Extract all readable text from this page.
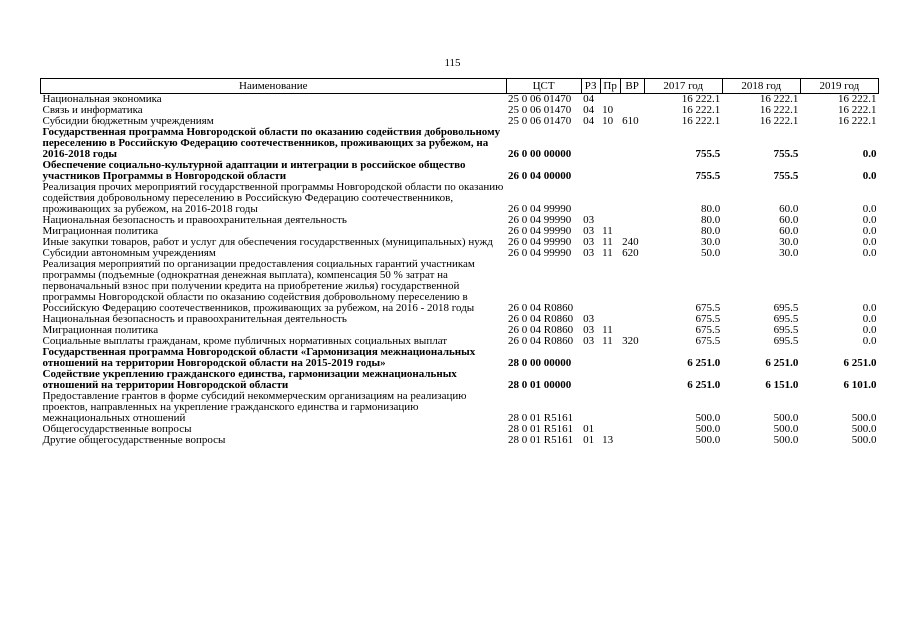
115
Наименование	ЦСТ	РЗ	Пр	ВР	2017 год	2018 год	2019 год
Национальная экономика	25 0 06 01470	04			16 222.1	16 222.1	16 222.1
Связь и информатика	25 0 06 01470	04	10		16 222.1	16 222.1	16 222.1
Субсидии бюджетным учреждениям	25 0 06 01470	04	10	610	16 222.1	16 222.1	16 222.1
Государственная программа Новгородской области по оказанию содействия добровольному переселению в Российскую Федерацию соотечественников, проживающих за рубежом, на 2016-2018 годы	26 0 00 00000				755.5	755.5	0.0
Обеспечение социально-культурной адаптации и интеграции в российское общество участников Программы в Новгородской области	26 0 04 00000				755.5	755.5	0.0
Реализация прочих мероприятий государственной программы Новгородской области по оказанию содействия добровольному переселению в Российскую Федерацию соотечественников, проживающих за рубежом, на 2016-2018 годы	26 0 04 99990				80.0	60.0	0.0
Национальная безопасность и правоохранительная деятельность	26 0 04 99990	03			80.0	60.0	0.0
Миграционная политика	26 0 04 99990	03	11		80.0	60.0	0.0
Иные закупки товаров, работ и услуг для обеспечения государственных (муниципальных) нужд	26 0 04 99990	03	11	240	30.0	30.0	0.0
Субсидии автономным учреждениям	26 0 04 99990	03	11	620	50.0	30.0	0.0
Реализация мероприятий по организации предоставления социальных гарантий участникам программы (подъемные (однократная денежная выплата), компенсация 50 % затрат на первоначальный взнос при получении кредита на приобретение жилья) государственной программы Новгородской области по оказанию содействия добровольному переселению в Российскую Федерацию соотечественников, проживающих за рубежом, на 2016 - 2018 годы	26 0 04 R0860				675.5	695.5	0.0
Национальная безопасность и правоохранительная деятельность	26 0 04 R0860	03			675.5	695.5	0.0
Миграционная политика	26 0 04 R0860	03	11		675.5	695.5	0.0
Социальные выплаты гражданам, кроме публичных нормативных социальных выплат	26 0 04 R0860	03	11	320	675.5	695.5	0.0
Государственная программа Новгородской области «Гармонизация межнациональных отношений на территории Новгородской области на 2015-2019 годы»	28 0 00 00000				6 251.0	6 251.0	6 251.0
Содействие укреплению гражданского единства, гармонизации межнациональных отношений на территории Новгородской области	28 0 01 00000				6 251.0	6 151.0	6 101.0
Предоставление грантов в форме субсидий некоммерческим организациям на реализацию проектов, направленных на укрепление гражданского единства и гармонизацию межнациональных отношений	28 0 01 R5161				500.0	500.0	500.0
Общегосударственные вопросы	28 0 01 R5161	01			500.0	500.0	500.0
Другие общегосударственные вопросы	28 0 01 R5161	01	13		500.0	500.0	500.0
